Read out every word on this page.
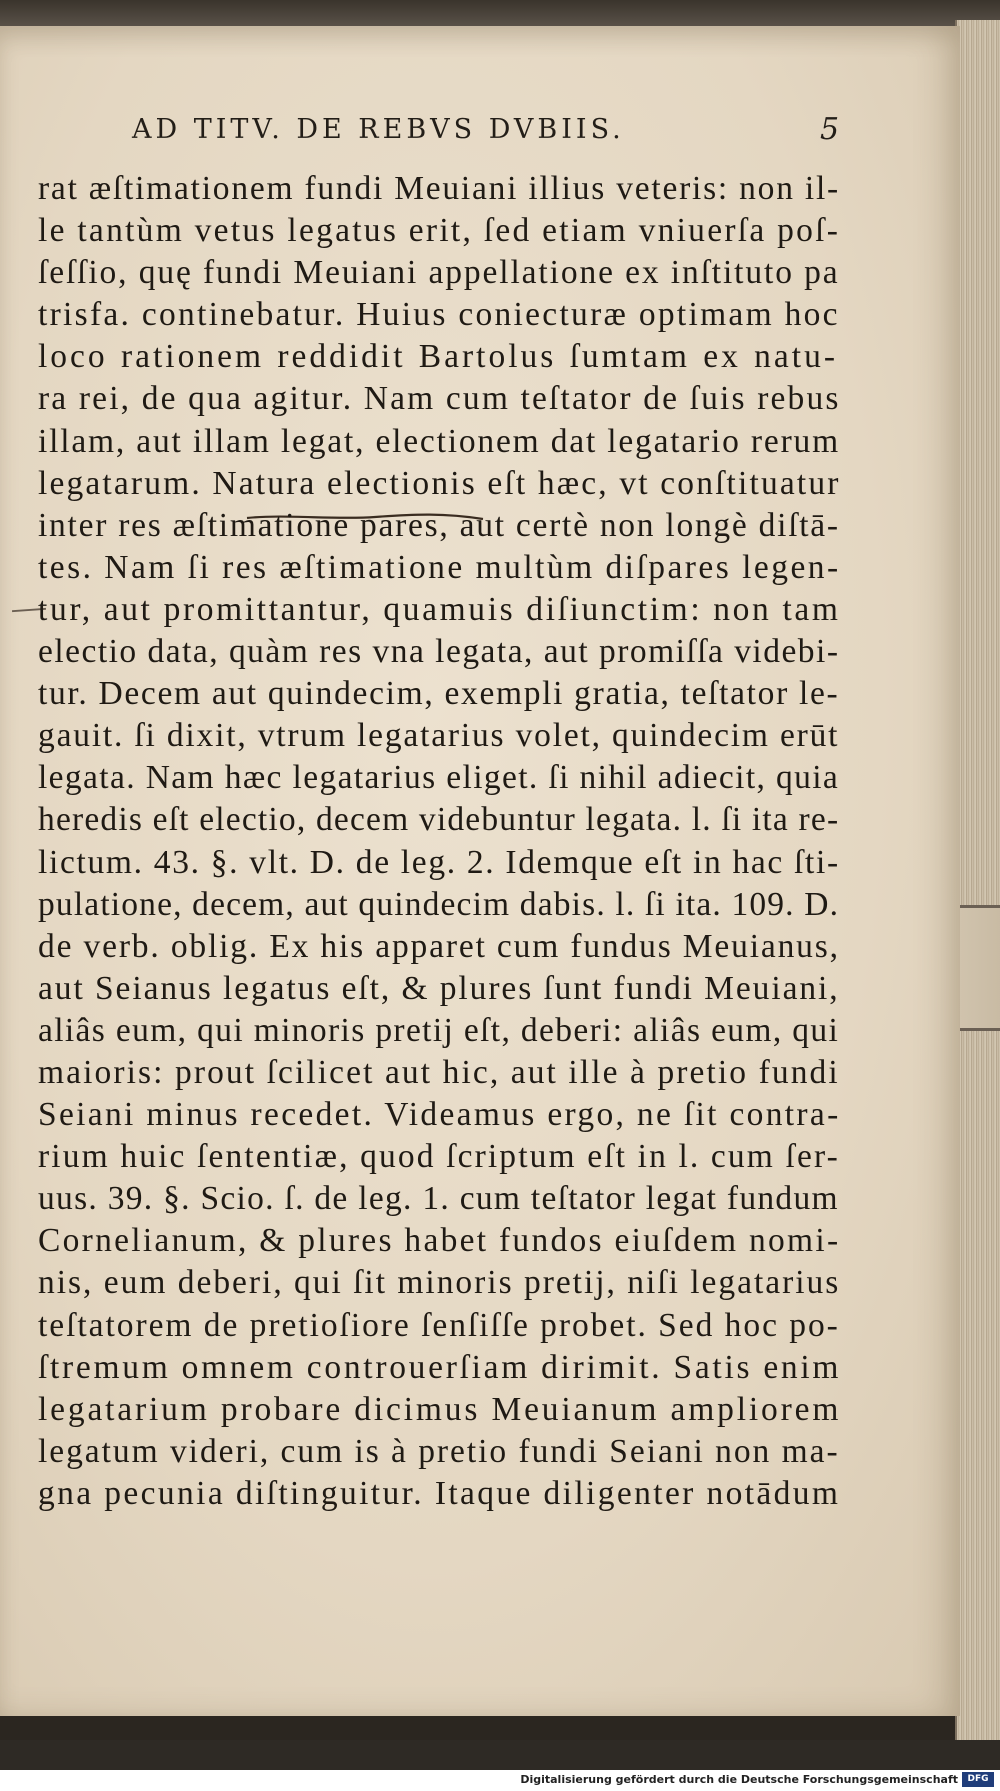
AD TITV. DE REBVS DVBIIS.	5
rat æſtimationem fundi Meuiani illius veteris: non il-
le tantùm vetus legatus erit, ſed etiam vniuerſa poſ-
ſeſſio, quę fundi Meuiani appellatione ex inſtituto pa
trisfa. continebatur. Huius coniecturæ optimam hoc
loco rationem reddidit Bartolus ſumtam ex natu-
ra rei, de qua agitur. Nam cum teſtator de ſuis rebus
illam, aut illam legat, electionem dat legatario rerum
legatarum. Natura electionis eſt hæc, vt conſtituatur
inter res æſtimatione pares, aut certè non longè diſtā-
tes. Nam ſi res æſtimatione multùm diſpares legen-
tur, aut promittantur, quamuis diſiunctim: non tam
electio data, quàm res vna legata, aut promiſſa videbi-
tur. Decem aut quindecim, exempli gratia, teſtator le-
gauit. ſi dixit, vtrum legatarius volet, quindecim erūt
legata. Nam hæc legatarius eliget. ſi nihil adiecit, quia
heredis eſt electio, decem videbuntur legata. l. ſi ita re-
lictum. 43. §. vlt. D. de leg. 2. Idemque eſt in hac ſti-
pulatione, decem, aut quindecim dabis. l. ſi ita. 109. D.
de verb. oblig. Ex his apparet cum fundus Meuianus,
aut Seianus legatus eſt, & plures ſunt fundi Meuiani,
aliâs eum, qui minoris pretij eſt, deberi: aliâs eum, qui
maioris: prout ſcilicet aut hic, aut ille à pretio fundi
Seiani minus recedet. Videamus ergo, ne ſit contra-
rium huic ſententiæ, quod ſcriptum eſt in l. cum ſer-
uus. 39. §. Scio. ſ. de leg. 1. cum teſtator legat fundum
Cornelianum, & plures habet fundos eiuſdem nomi-
nis, eum deberi, qui ſit minoris pretij, niſi legatarius
teſtatorem de pretioſiore ſenſiſſe probet. Sed hoc po-
ſtremum omnem controuerſiam dirimit. Satis enim
legatarium probare dicimus Meuianum ampliorem
legatum videri, cum is à pretio fundi Seiani non ma-
gna pecunia diſtinguitur. Itaque diligenter notādum
Digitalisierung gefördert durch die Deutsche Forschungsgemeinschaft	DFG
